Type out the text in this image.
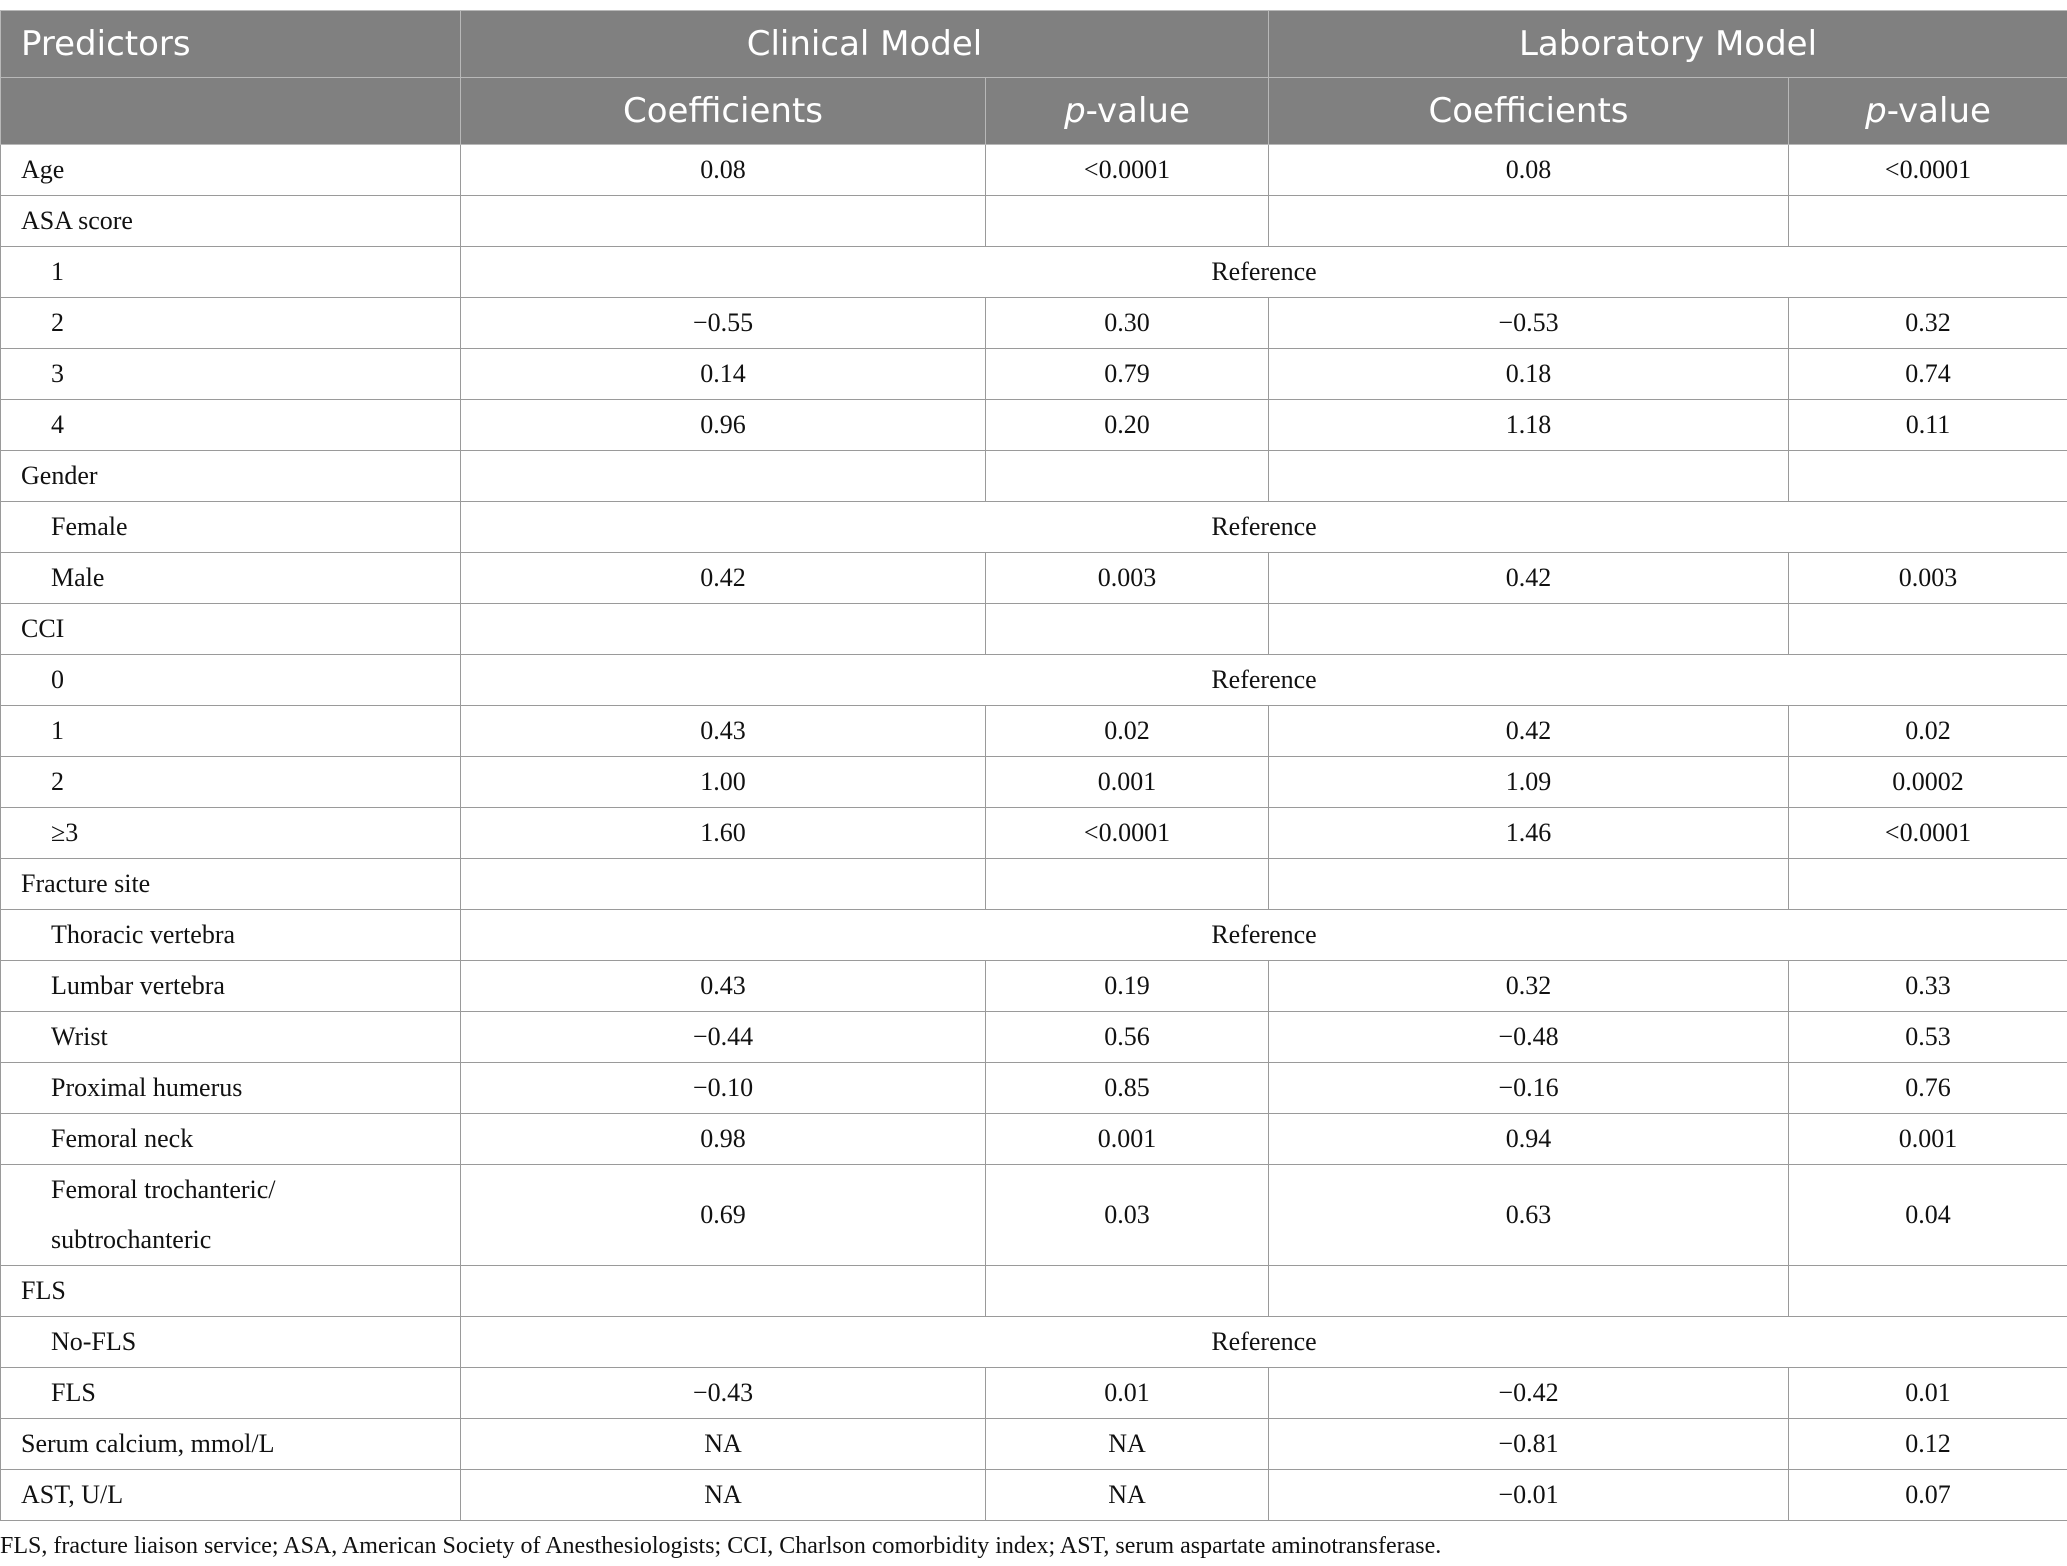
Predictors	Clinical Model		Laboratory Model	
	Coefficients	p-value	Coefficients	p-value
Age	0.08	<0.0001	0.08	<0.0001
ASA score				
1	Reference			
2	−0.55	0.30	−0.53	0.32
3	0.14	0.79	0.18	0.74
4	0.96	0.20	1.18	0.11
Gender				
Female	Reference			
Male	0.42	0.003	0.42	0.003
CCI				
0	Reference			
1	0.43	0.02	0.42	0.02
2	1.00	0.001	1.09	0.0002
≥3	1.60	<0.0001	1.46	<0.0001
Fracture site				
Thoracic vertebra	Reference			
Lumbar vertebra	0.43	0.19	0.32	0.33
Wrist	−0.44	0.56	−0.48	0.53
Proximal humerus	−0.10	0.85	−0.16	0.76
Femoral neck	0.98	0.001	0.94	0.001
Femoral trochanteric/
subtrochanteric	0.69	0.03	0.63	0.04
FLS				
No-FLS	Reference			
FLS	−0.43	0.01	−0.42	0.01
Serum calcium, mmol/L	NA	NA	−0.81	0.12
AST, U/L	NA	NA	−0.01	0.07
FLS, fracture liaison service; ASA, American Society of Anesthesiologists; CCI, Charlson comorbidity index; AST, serum aspartate aminotransferase.
